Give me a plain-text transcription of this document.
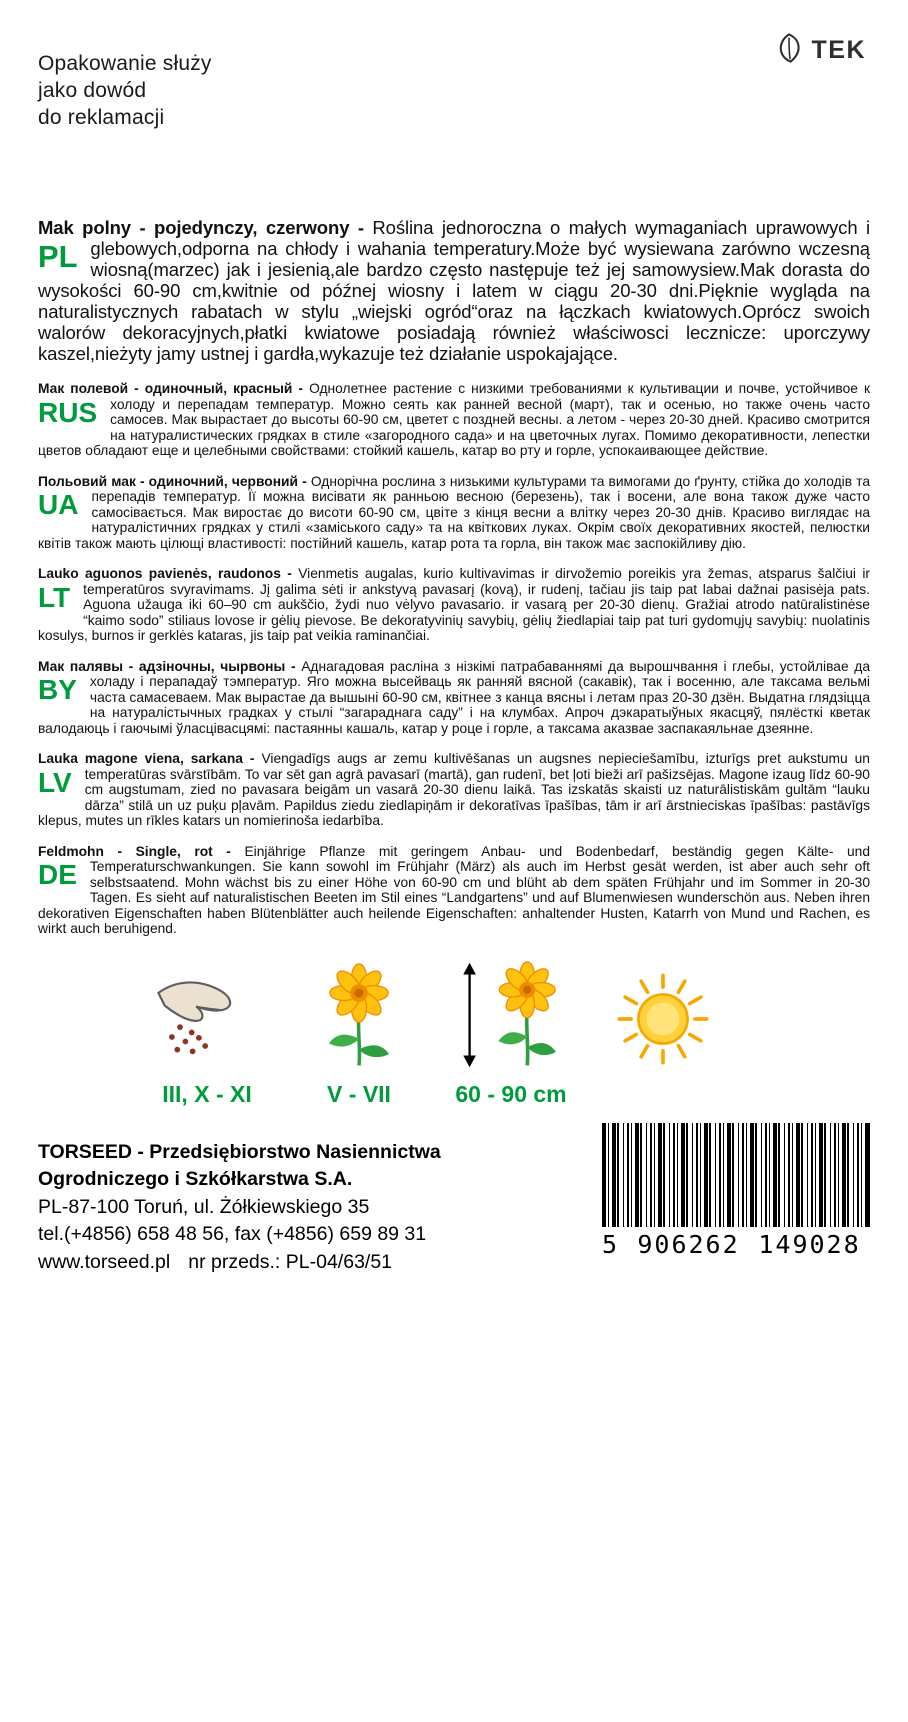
Opakowanie służy
jako dowód
do reklamacji
TEK

PL
Mak polny - pojedynczy, czerwony - Roślina jednoroczna o małych wymaganiach uprawowych i glebowych,odporna na chłody i wahania temperatury.Może być wysiewana zarówno wczesną wiosną(marzec) jak i jesienią,ale bardzo często następuje też jej samowysiew.Mak dorasta do wysokości 60-90 cm,kwitnie od późnej wiosny i latem w ciągu 20-30 dni.Pięknie wygląda na naturalistycznych rabatach w stylu „wiejski ogród“oraz na łączkach kwiatowych.Oprócz swoich walorów dekoracyjnych,płatki kwiatowe posiadają również właściwosci lecznicze: uporczywy kaszel,nieżyty jamy ustnej i gardła,wykazuje też działanie uspokajające.

RUS
Мак полевой - одиночный, красный - Однолетнее растение с низкими требованиями к культивации и почве, устойчивое к холоду и перепадам температур. Можно сеять как ранней весной (март), так и осенью, но также очень часто самосев. Мак вырастает до высоты 60-90 см, цветет с поздней весны. а летом - через 20-30 дней. Красиво смотрится на натуралистических грядках в стиле «загородного сада» и на цветочных лугах. Помимо декоративности, лепестки цветов обладают еще и целебными свойствами: стойкий кашель, катар во рту и горле, успокаивающее действие.

UA
Польовий мак - одиночний, червоний - Однорічна рослина з низькими культурами та вимогами до ґрунту, стійка до холодів та перепадів температур. Її можна висівати як ранньою весною (березень), так і восени, але вона також дуже часто самосівається. Мак виростає до висоти 60-90 см, цвіте з кінця весни а влітку через 20-30 днів. Красиво виглядає на натуралістичних грядках у стилі «заміського саду» та на квіткових луках. Окрім своїх декоративних якостей, пелюстки квітів також мають цілющі властивості: постійний кашель, катар рота та горла, він також має заспокійливу дію.

LT
Lauko aguonos pavienės, raudonos - Vienmetis augalas, kurio kultivavimas ir dirvožemio poreikis yra žemas, atsparus šalčiui ir temperatūros svyravimams. Jį galima sėti ir ankstyvą pavasarį (kovą), ir rudenį, tačiau jis taip pat labai dažnai pasisėja pats. Aguona užauga iki 60–90 cm aukščio, žydi nuo vėlyvo pavasario. ir vasarą per 20-30 dienų. Gražiai atrodo natūralistinėse “kaimo sodo” stiliaus lovose ir gėlių pievose. Be dekoratyvinių savybių, gėlių žiedlapiai taip pat turi gydomųjų savybių: nuolatinis kosulys, burnos ir gerklės kataras, jis taip pat veikia raminančiai.

BY
Мак палявы - адзіночны, чырвоны - Аднагадовая расліна з нізкімі патрабаваннямі да вырошчвання і глебы, устойлівае да холаду і перападаў тэмператур. Яго можна высейваць як ранняй вясной (сакавік), так і восенню, але таксама вельмі часта самасеваем. Мак вырастае да вышыні 60-90 см, квітнее з канца вясны і летам праз 20-30 дзён. Выдатна глядзіцца на натуралістычных градках у стылі “загараднага саду” і на клумбах. Апроч дэкаратыўных якасцяў, пялёсткі кветак валодаюць і гаючымі ўласцівасцямі: пастаянны кашаль, катар у роце і горле, а таксама аказвае заспакаяльнае дзеянне.

LV
Lauka magone viena, sarkana - Viengadīgs augs ar zemu kultivēšanas un augsnes nepieciešamību, izturīgs pret aukstumu un temperatūras svārstībām. To var sēt gan agrā pavasarī (martā), gan rudenī, bet ļoti bieži arī pašizsējas. Magone izaug līdz 60-90 cm augstumam, zied no pavasara beigām un vasarā 20-30 dienu laikā. Tas izskatās skaisti uz naturālistiskām gultām “lauku dārza” stilā un uz puķu pļavām. Papildus ziedu ziedlapiņām ir dekoratīvas īpašības, tām ir arī ārstnieciskas īpašības: pastāvīgs klepus, mutes un rīkles katars un nomierinoša iedarbība.

DE
Feldmohn - Single, rot - Einjährige Pflanze mit geringem Anbau- und Bodenbedarf, beständig gegen Kälte- und Temperaturschwankungen. Sie kann sowohl im Frühjahr (März) als auch im Herbst gesät werden, ist aber auch sehr oft selbstsaatend. Mohn wächst bis zu einer Höhe von 60-90 cm und blüht ab dem späten Frühjahr und im Sommer in 20-30 Tagen. Es sieht auf naturalistischen Beeten im Stil eines “Landgartens” und auf Blumenwiesen wunderschön aus. Neben ihren dekorativen Eigenschaften haben Blütenblätter auch heilende Eigenschaften: anhaltender Husten, Katarrh von Mund und Rachen, es wirkt auch beruhigend.

III, X - XI	V - VII	60 - 90 cm
TORSEED - Przedsiębiorstwo Nasiennictwa
Ogrodniczego i Szkółkarstwa S.A.
PL-87-100 Toruń, ul. Żółkiewskiego 35
tel.(+4856) 658 48 56, fax (+4856) 659 89 31
www.torseed.pl nr przeds.: PL-04/63/51
5 906262 149028
